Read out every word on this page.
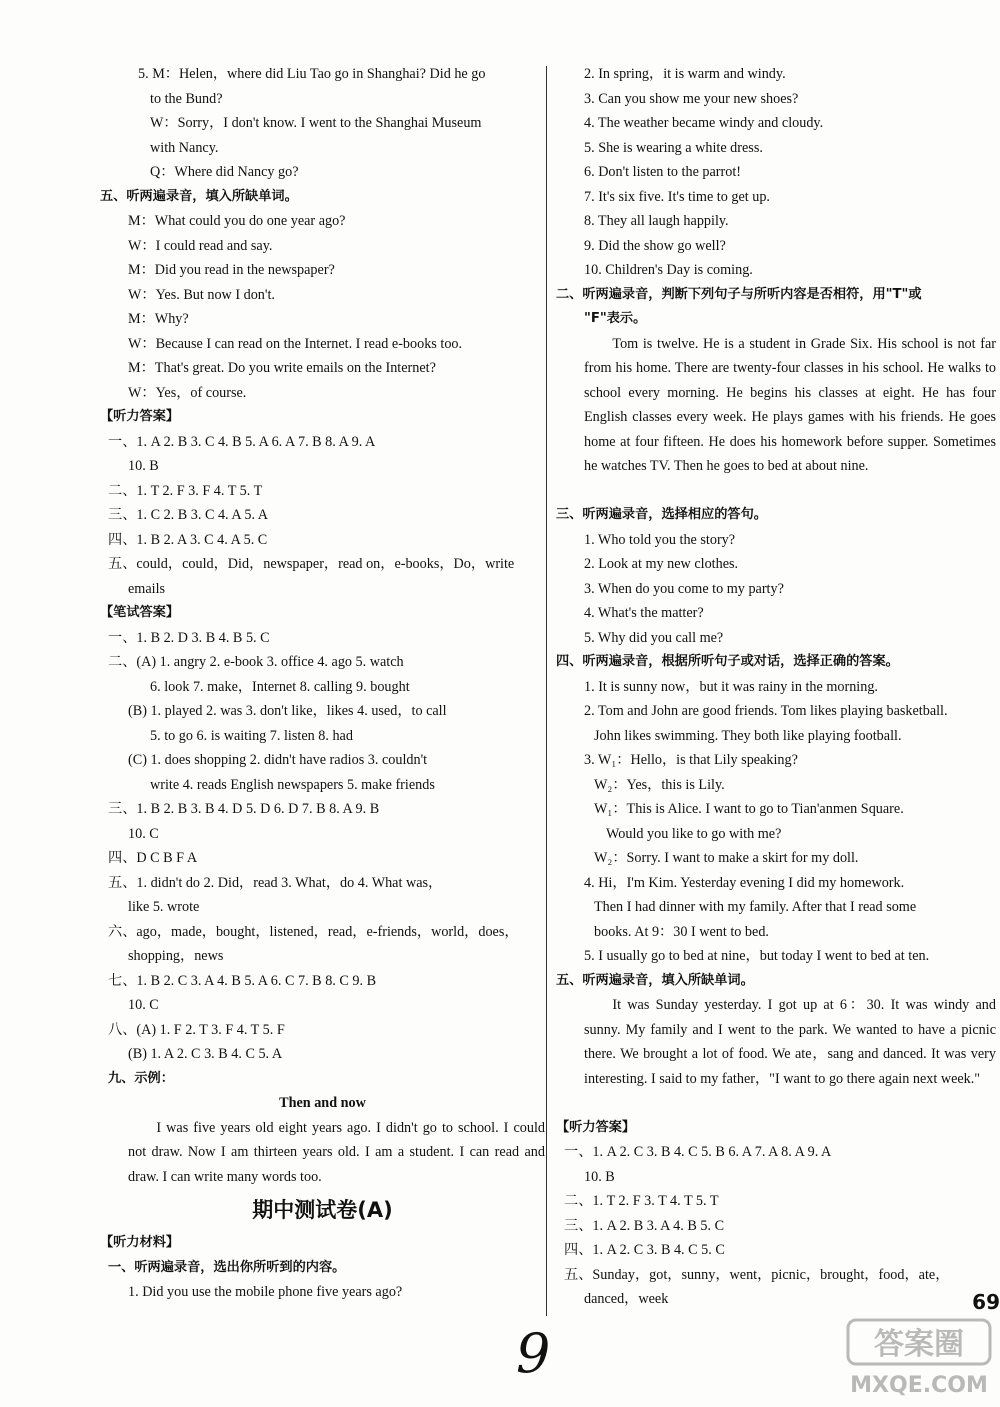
5. M：Helen，where did Liu Tao go in Shanghai? Did he go
to the Bund?
W：Sorry，I don't know. I went to the Shanghai Museum
with Nancy.
Q：Where did Nancy go?
五、听两遍录音，填入所缺单词。
M：What could you do one year ago?
W：I could read and say.
M：Did you read in the newspaper?
W：Yes. But now I don't.
M：Why?
W：Because I can read on the Internet. I read e-books too.
M：That's great. Do you write emails on the Internet?
W：Yes，of course.
【听力答案】
一、1. A 2. B 3. C 4. B 5. A 6. A 7. B 8. A 9. A
10. B
二、1. T 2. F 3. F 4. T 5. T
三、1. C 2. B 3. C 4. A 5. A
四、1. B 2. A 3. C 4. A 5. C
五、could，could，Did，newspaper，read on，e-books，Do，write
emails
【笔试答案】
一、1. B 2. D 3. B 4. B 5. C
二、(A) 1. angry 2. e-book 3. office 4. ago 5. watch
6. look 7. make，Internet 8. calling 9. bought
(B) 1. played 2. was 3. don't like，likes 4. used，to call
5. to go 6. is waiting 7. listen 8. had
(C) 1. does shopping 2. didn't have radios 3. couldn't
write 4. reads English newspapers 5. make friends
三、1. B 2. B 3. B 4. D 5. D 6. D 7. B 8. A 9. B
10. C
四、D C B F A
五、1. didn't do 2. Did，read 3. What，do 4. What was，
like 5. wrote
六、ago，made，bought，listened，read，e-friends，world，does，
shopping，news
七、1. B 2. C 3. A 4. B 5. A 6. C 7. B 8. C 9. B
10. C
八、(A) 1. F 2. T 3. F 4. T 5. F
(B) 1. A 2. C 3. B 4. C 5. A
九、示例：
Then and now
I was five years old eight years ago. I didn't go to school. I could not draw. Now I am thirteen years old. I am a student. I can read and draw. I can write many words too.
期中测试卷(A)
【听力材料】
一、听两遍录音，选出你所听到的内容。
1. Did you use the mobile phone five years ago?
2. In spring，it is warm and windy.
3. Can you show me your new shoes?
4. The weather became windy and cloudy.
5. She is wearing a white dress.
6. Don't listen to the parrot!
7. It's six five. It's time to get up.
8. They all laugh happily.
9. Did the show go well?
10. Children's Day is coming.
二、听两遍录音，判断下列句子与所听内容是否相符，用"T"或
"F"表示。
Tom is twelve. He is a student in Grade Six. His school is not far from his home. There are twenty-four classes in his school. He walks to school every morning. He begins his classes at eight. He has four English classes every week. He plays games with his friends. He goes home at four fifteen. He does his homework before supper. Sometimes he watches TV. Then he goes to bed at about nine.
三、听两遍录音，选择相应的答句。
1. Who told you the story?
2. Look at my new clothes.
3. When do you come to my party?
4. What's the matter?
5. Why did you call me?
四、听两遍录音，根据所听句子或对话，选择正确的答案。
1. It is sunny now，but it was rainy in the morning.
2. Tom and John are good friends. Tom likes playing basketball.
John likes swimming. They both like playing football.
3. W₁：Hello，is that Lily speaking?
W₂：Yes，this is Lily.
W₁：This is Alice. I want to go to Tian'anmen Square.
Would you like to go with me?
W₂：Sorry. I want to make a skirt for my doll.
4. Hi，I'm Kim. Yesterday evening I did my homework.
Then I had dinner with my family. After that I read some
books. At 9：30 I went to bed.
5. I usually go to bed at nine，but today I went to bed at ten.
五、听两遍录音，填入所缺单词。
It was Sunday yesterday. I got up at 6：30. It was windy and sunny. My family and I went to the park. We wanted to have a picnic there. We brought a lot of food. We ate，sang and danced. It was very interesting. I said to my father，"I want to go there again next week."
【听力答案】
一、1. A 2. C 3. B 4. C 5. B 6. A 7. A 8. A 9. A
10. B
二、1. T 2. F 3. T 4. T 5. T
三、1. A 2. B 3. A 4. B 5. C
四、1. A 2. C 3. B 4. C 5. C
五、Sunday，got，sunny，went，picnic，brought，food，ate，
danced，week
9
69
答案圈
MXQE.COM
